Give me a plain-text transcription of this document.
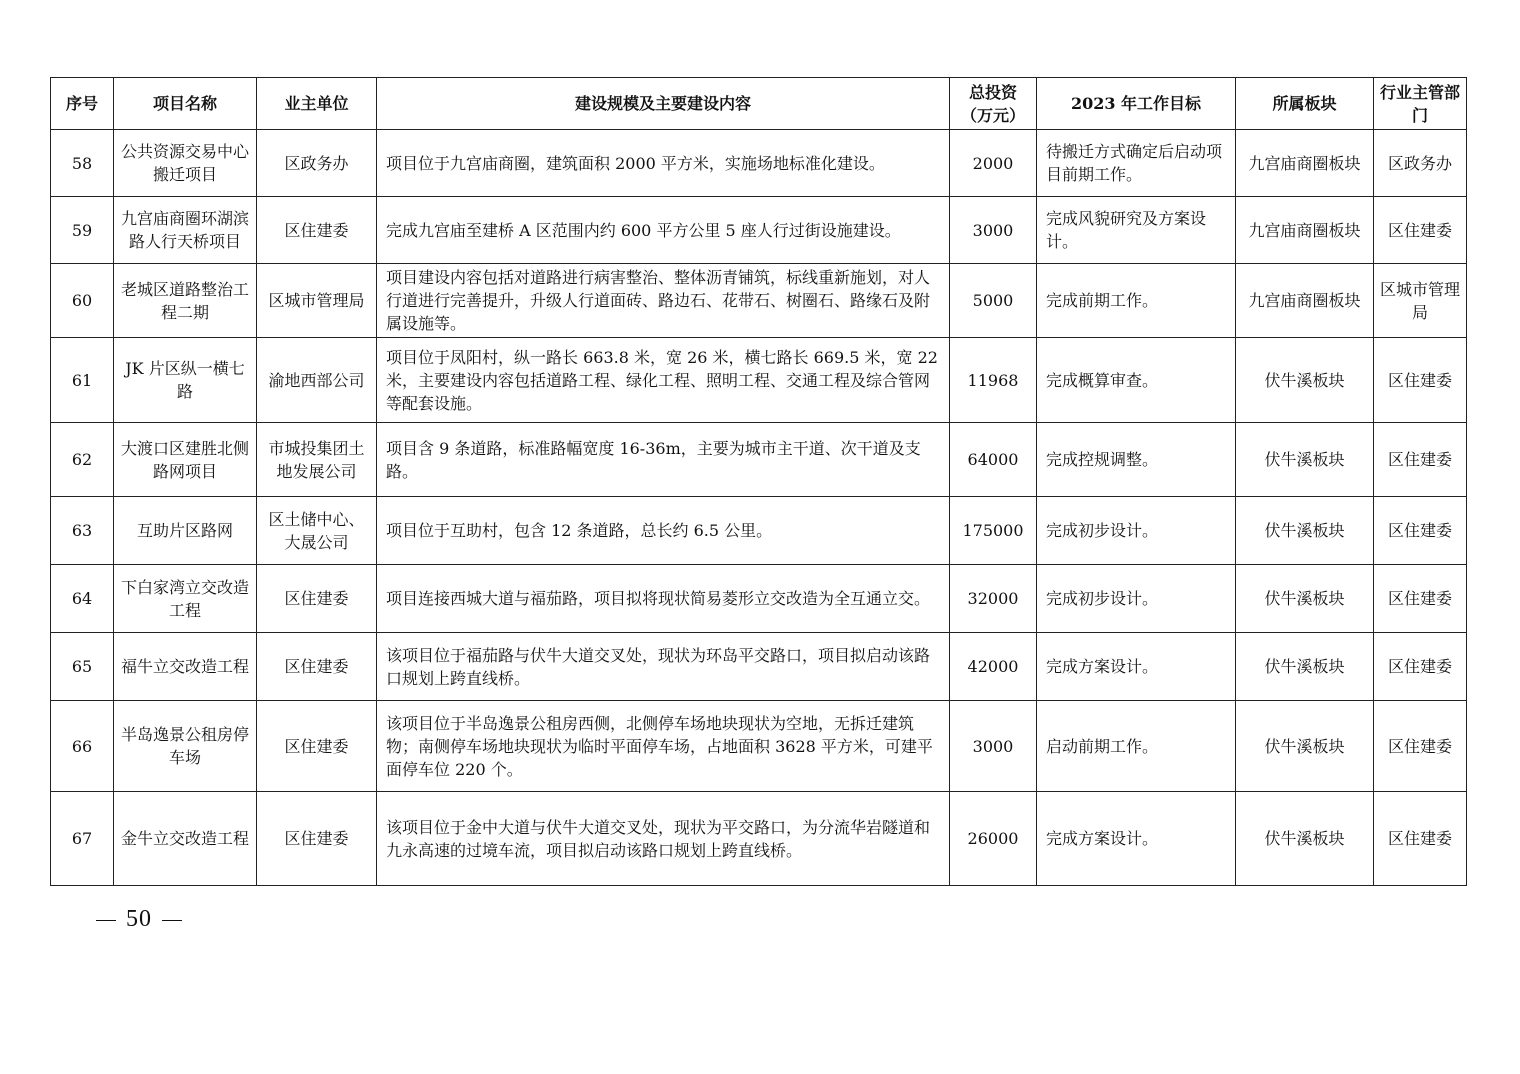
序号	项目名称	业主单位	建设规模及主要建设内容	总投资（万元）	2023 年工作目标	所属板块	行业主管部门
58	公共资源交易中心搬迁项目	区政务办	项目位于九宫庙商圈，建筑面积 2000 平方米，实施场地标准化建设。	2000	待搬迁方式确定后启动项目前期工作。	九宫庙商圈板块	区政务办
59	九宫庙商圈环湖滨路人行天桥项目	区住建委	完成九宫庙至建桥 A 区范围内约 600 平方公里 5 座人行过街设施建设。	3000	完成风貌研究及方案设计。	九宫庙商圈板块	区住建委
60	老城区道路整治工程二期	区城市管理局	项目建设内容包括对道路进行病害整治、整体沥青铺筑，标线重新施划，对人行道进行完善提升，升级人行道面砖、路边石、花带石、树圈石、路缘石及附属设施等。	5000	完成前期工作。	九宫庙商圈板块	区城市管理局
61	JK 片区纵一横七路	渝地西部公司	项目位于凤阳村，纵一路长 663.8 米，宽 26 米，横七路长 669.5 米，宽 22 米，主要建设内容包括道路工程、绿化工程、照明工程、交通工程及综合管网等配套设施。	11968	完成概算审查。	伏牛溪板块	区住建委
62	大渡口区建胜北侧路网项目	市城投集团土地发展公司	项目含 9 条道路，标准路幅宽度 16-36m，主要为城市主干道、次干道及支路。	64000	完成控规调整。	伏牛溪板块	区住建委
63	互助片区路网	区土储中心、大晟公司	项目位于互助村，包含 12 条道路，总长约 6.5 公里。	175000	完成初步设计。	伏牛溪板块	区住建委
64	下白家湾立交改造工程	区住建委	项目连接西城大道与福茄路，项目拟将现状简易菱形立交改造为全互通立交。	32000	完成初步设计。	伏牛溪板块	区住建委
65	福牛立交改造工程	区住建委	该项目位于福茄路与伏牛大道交叉处，现状为环岛平交路口，项目拟启动该路口规划上跨直线桥。	42000	完成方案设计。	伏牛溪板块	区住建委
66	半岛逸景公租房停车场	区住建委	该项目位于半岛逸景公租房西侧，北侧停车场地块现状为空地，无拆迁建筑物；南侧停车场地块现状为临时平面停车场，占地面积 3628 平方米，可建平面停车位 220 个。	3000	启动前期工作。	伏牛溪板块	区住建委
67	金牛立交改造工程	区住建委	该项目位于金中大道与伏牛大道交叉处，现状为平交路口，为分流华岩隧道和九永高速的过境车流，项目拟启动该路口规划上跨直线桥。	26000	完成方案设计。	伏牛溪板块	区住建委
50
